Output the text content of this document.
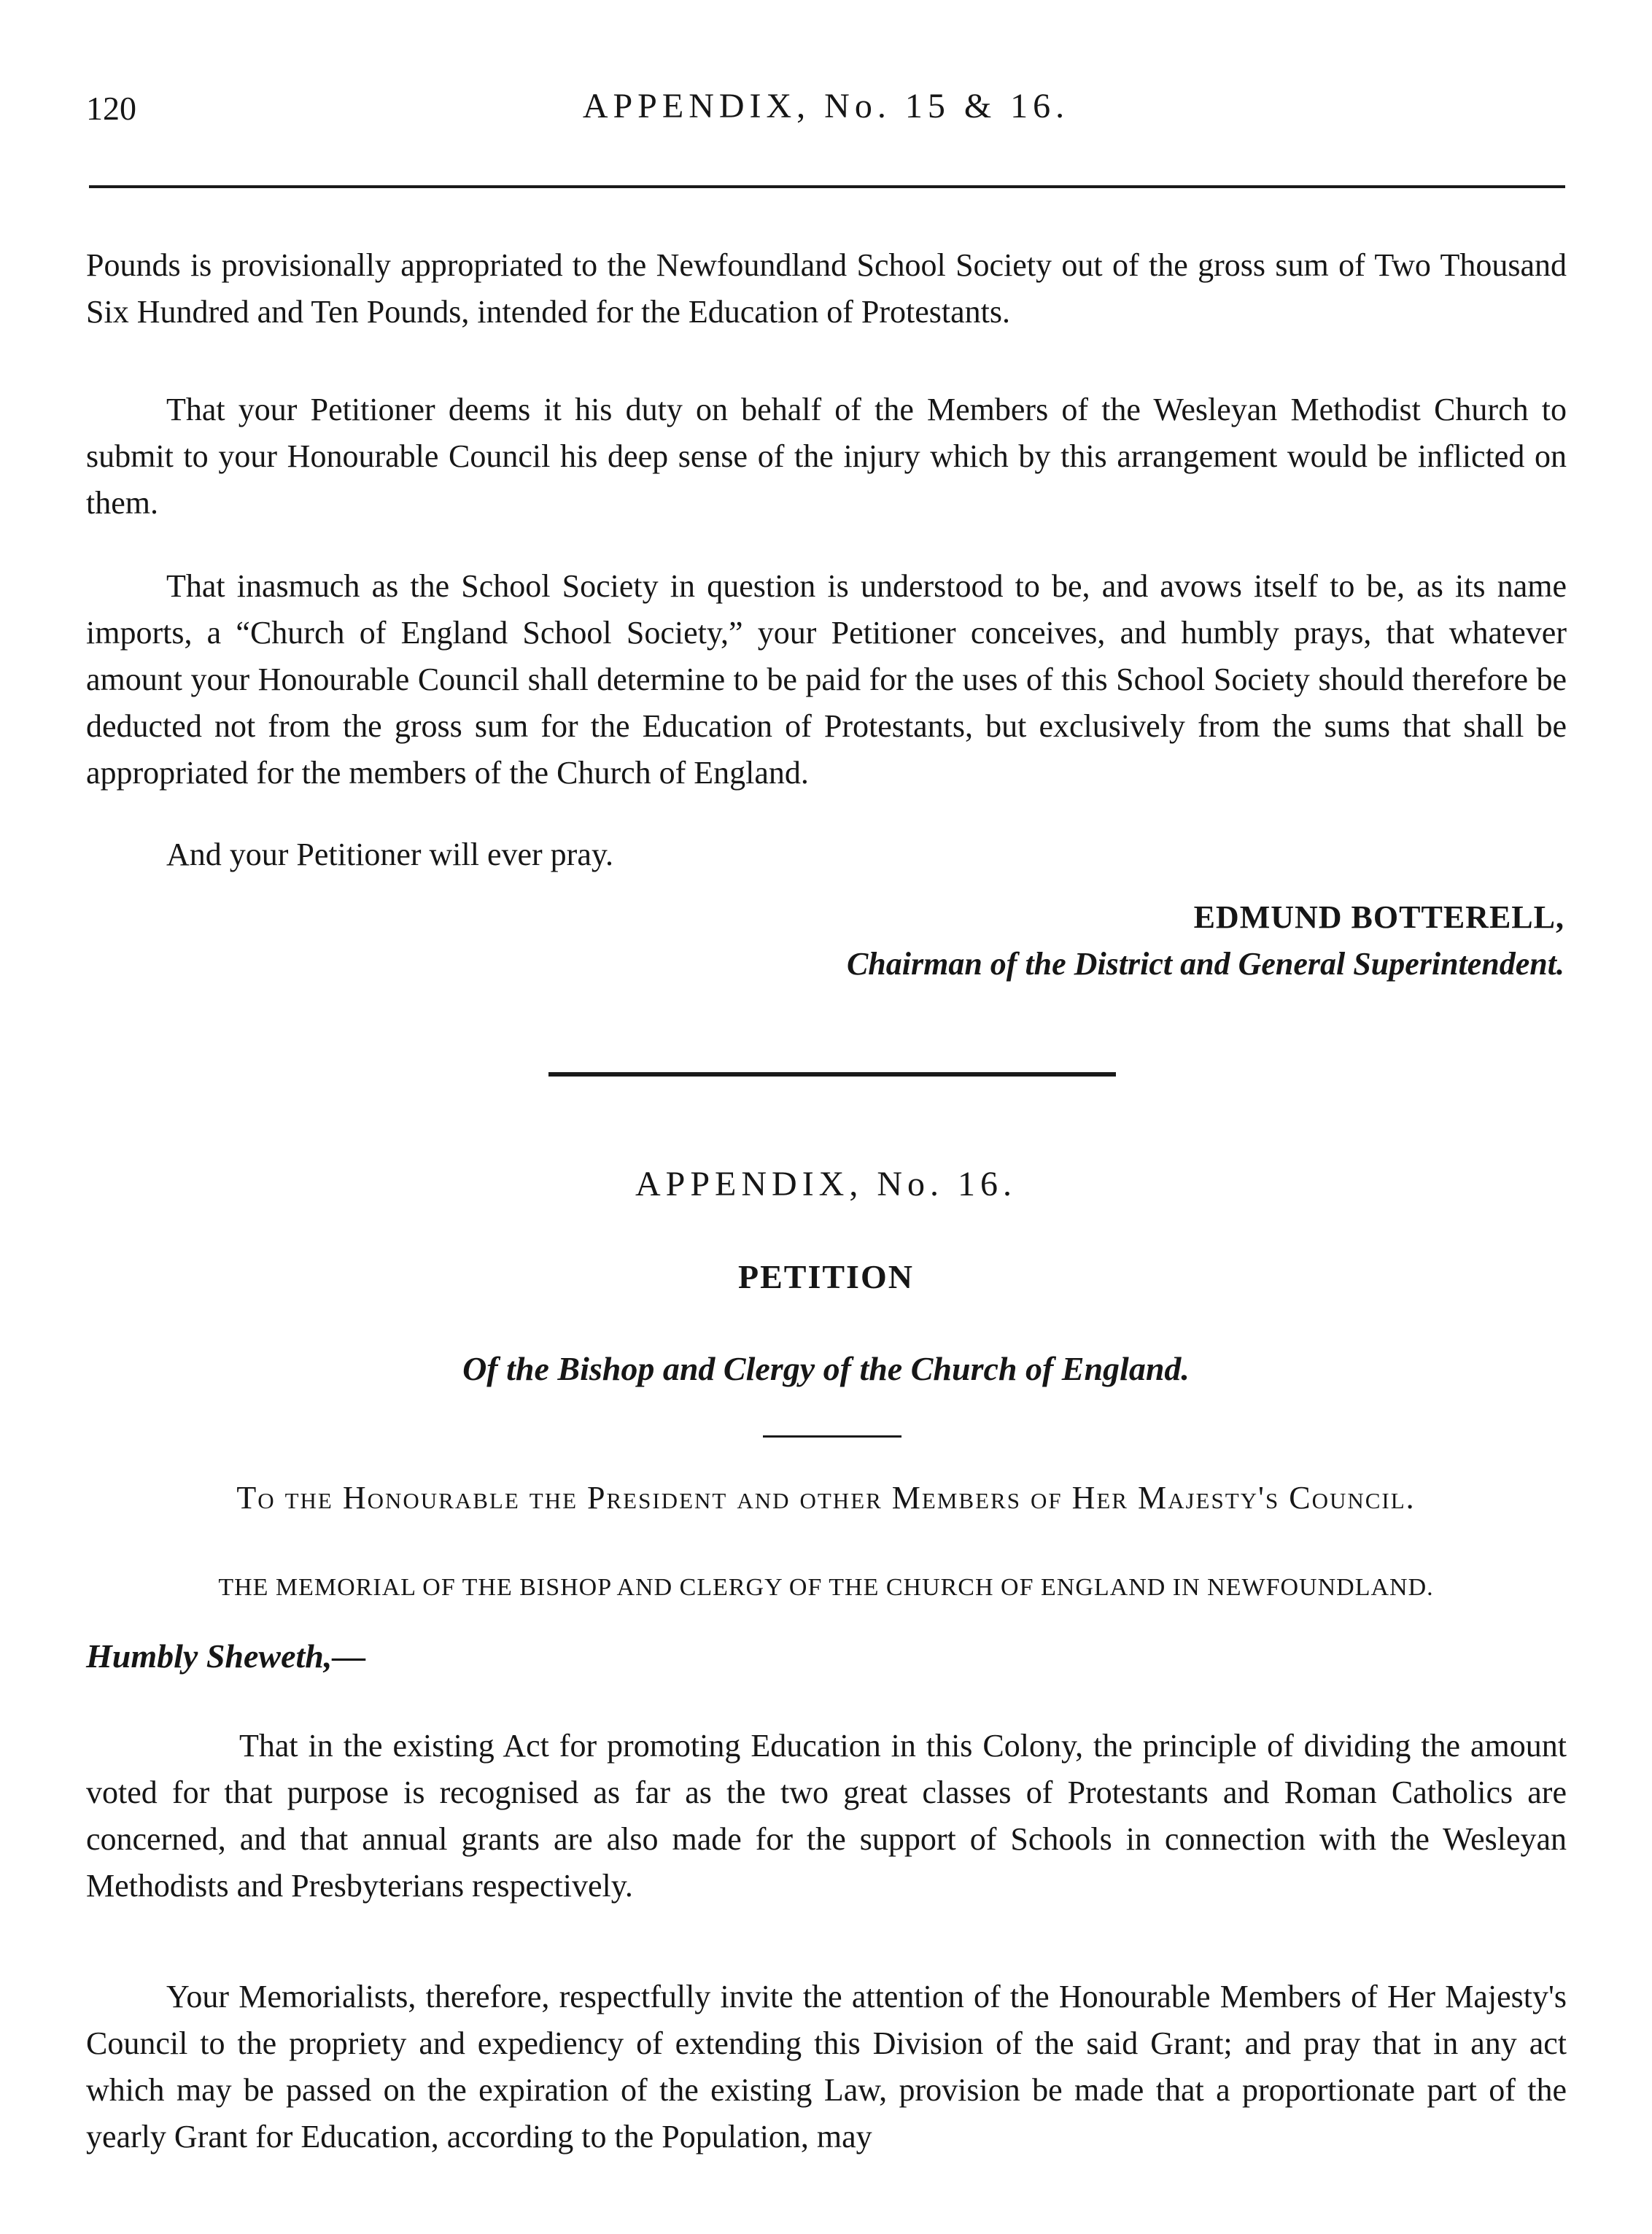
120	APPENDIX, No. 15 & 16.
Pounds is provisionally appropriated to the Newfoundland School Society out of the gross sum of Two Thousand Six Hundred and Ten Pounds, intended for the Education of Protestants.
That your Petitioner deems it his duty on behalf of the Members of the Wesleyan Methodist Church to submit to your Honourable Council his deep sense of the injury which by this arrangement would be inflicted on them.
That inasmuch as the School Society in question is understood to be, and avows itself to be, as its name imports, a “Church of England School Society,” your Petitioner conceives, and humbly prays, that whatever amount your Honourable Council shall determine to be paid for the uses of this School Society should therefore be deducted not from the gross sum for the Education of Protestants, but exclusively from the sums that shall be appropriated for the members of the Church of England.
And your Petitioner will ever pray.
EDMUND BOTTERELL,
Chairman of the District and General Superintendent.
APPENDIX, No. 16.
PETITION
Of the Bishop and Clergy of the Church of England.
To the Honourable the President and other Members of Her Majesty's Council.
THE MEMORIAL OF THE BISHOP AND CLERGY OF THE CHURCH OF ENGLAND IN NEWFOUNDLAND.
Humbly Sheweth,—
That in the existing Act for promoting Education in this Colony, the principle of dividing the amount voted for that purpose is recognised as far as the two great classes of Protestants and Roman Catholics are concerned, and that annual grants are also made for the support of Schools in connection with the Wesleyan Methodists and Presbyterians respectively.
Your Memorialists, therefore, respectfully invite the attention of the Honourable Members of Her Majesty's Council to the propriety and expediency of extending this Division of the said Grant; and pray that in any act which may be passed on the expiration of the existing Law, provision be made that a proportionate part of the yearly Grant for Education, according to the Population, may
